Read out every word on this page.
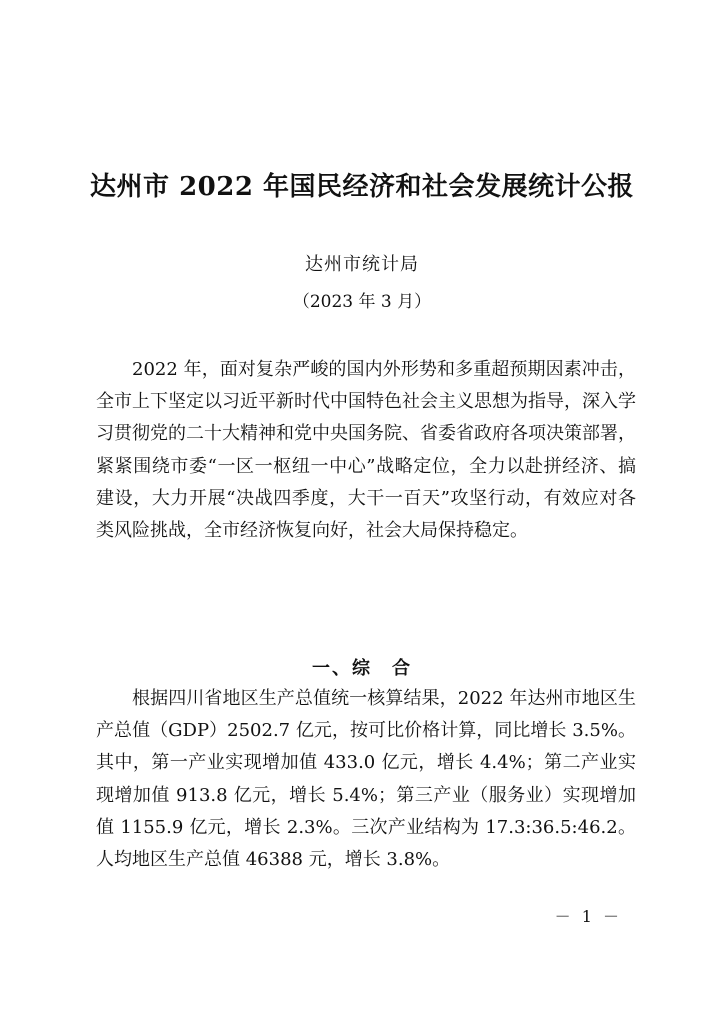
达州市 2022 年国民经济和社会发展统计公报
达州市统计局
（2023 年 3 月）

2022 年，面对复杂严峻的国内外形势和多重超预期因素冲击，全市上下坚定以习近平新时代中国特色社会主义思想为指导，深入学习贯彻党的二十大精神和党中央国务院、省委省政府各项决策部署，紧紧围绕市委“一区一枢纽一中心”战略定位，全力以赴拼经济、搞建设，大力开展“决战四季度，大干一百天”攻坚行动，有效应对各类风险挑战，全市经济恢复向好，社会大局保持稳定。

一、综　合

根据四川省地区生产总值统一核算结果，2022 年达州市地区生产总值（GDP）2502.7 亿元，按可比价格计算，同比增长 3.5%。其中，第一产业实现增加值 433.0 亿元，增长 4.4%；第二产业实现增加值 913.8 亿元，增长 5.4%；第三产业（服务业）实现增加值 1155.9 亿元，增长 2.3%。三次产业结构为 17.3:36.5:46.2。人均地区生产总值 46388 元，增长 3.8%。

－ 1 －
